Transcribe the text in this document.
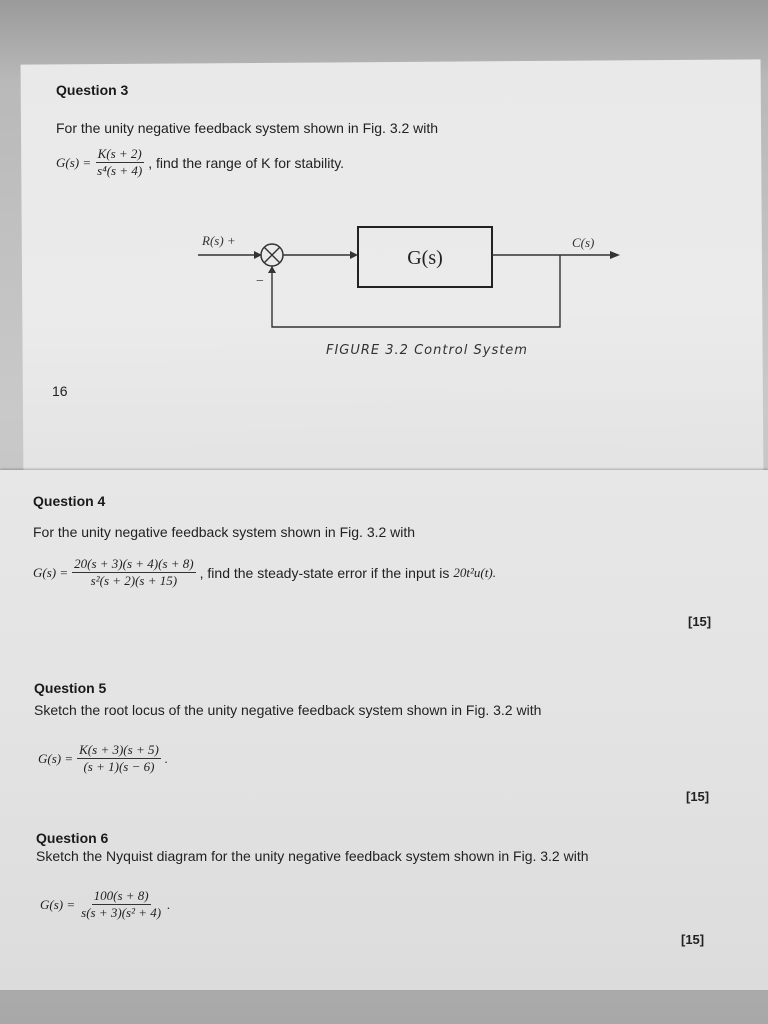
Question 3
For the unity negative feedback system shown in Fig. 3.2 with
$G(s) = \frac{K(s + 2)}{\text{s⁴(s + 4)}}$ , find the range of K for stability.
G(s)
R(s) +
−
C(s)
FIGURE 3.2 Control System
16
Question 4
For the unity negative feedback system shown in Fig. 3.2 with
$G(s) = \frac{20(s + 3)(s + 4)(s + 8)}{\text{s²(s + 2)(s + 15)}}$ , find the steady-state error if the input is 20t²u(t).
[15]
Question 5
Sketch the root locus of the unity negative feedback system shown in Fig. 3.2 with
$G(s) = \frac{K(s + 3)(s + 5)}{(s + 1)(s - 6)}$ .
[15]
Question 6
Sketch the Nyquist diagram for the unity negative feedback system shown in Fig. 3.2 with
$G(s) = \frac{100(s + 8)}{\text{s(s + 3)(s² + 4)}}$ .
[15]
